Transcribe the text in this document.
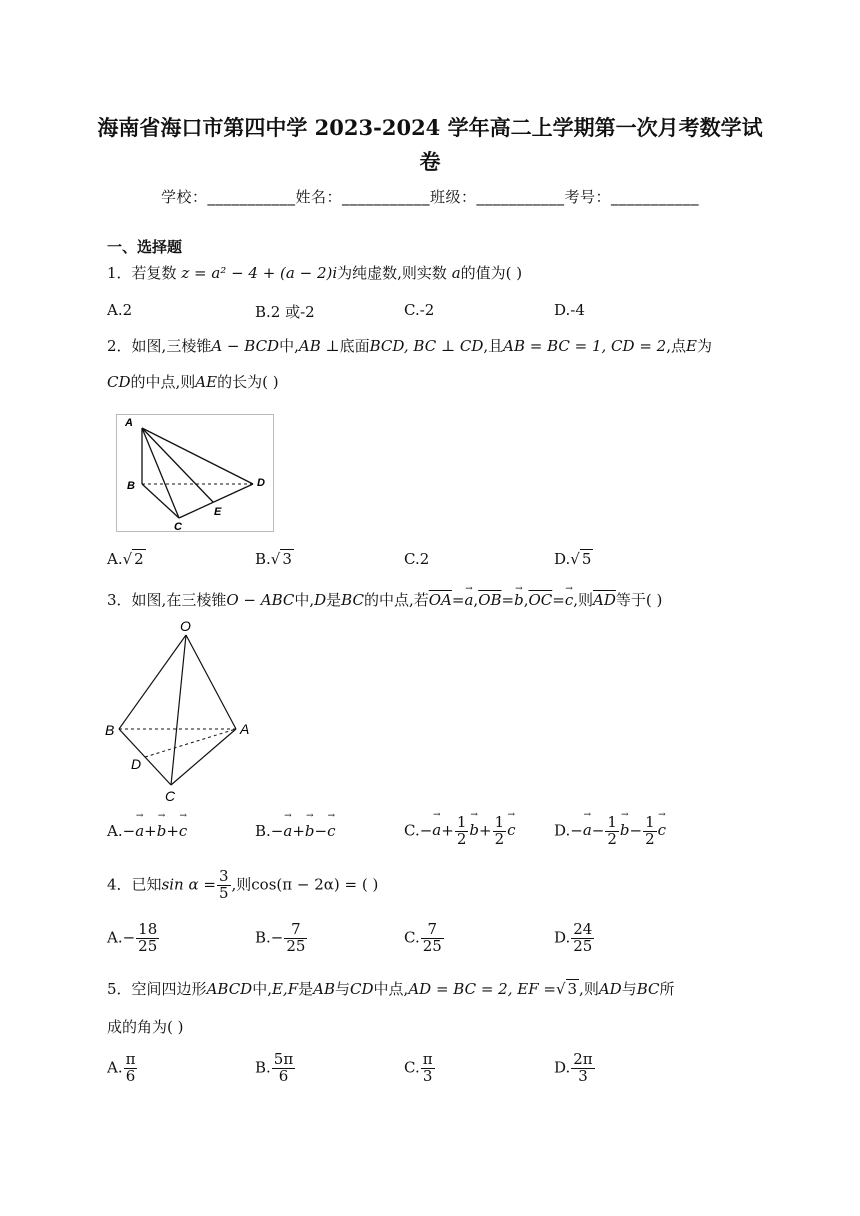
海南省海口市第四中学 2023-2024 学年高二上学期第一次月考数学试
卷
学校：___________姓名：___________班级：___________考号：___________
一、选择题
1．若复数 z = a² − 4 + (a − 2)i为纯虚数,则实数 a的值为( )
A.2	B.2 或-2	C.-2	D.-4
2．如图,三棱锥A − BCD中,AB ⊥底面BCD, BC ⊥ CD,且AB = BC = 1, CD = 2,点E为
CD的中点,则AE的长为( )
A
B
C
D
E
A.√ 2	B.√ 3	C.2	D.√ 5
3．如图,在三棱锥O − ABC中,D是BC的中点,若$\overline{OA}=\to a,\overline{OB}=\to b,\overline{OC}=\to c$,则$\overline{AD}$等于( )
O
B	A
D
C
A.−→ a+→ b+→ c	B.−→ a+→ b−→ c	$C.-\to a+ \frac{1}{2} \to b+ \frac{1}{2} \to c$	$D.-\to a- \frac{1}{2} \to b- \frac{1}{2} \to c$
4．已知$\sin \alpha = \frac{3}{5}$ ,则cos(π − 2α) = ( )
$A.- \frac{18}{25}$	$B.- \frac{7}{25}$	C. $\frac{7}{25}$	D. $\frac{24}{25}$
5．空间四边形ABCD中,E,F是AB与CD中点,AD = BC = 2, EF =√ 3 ,则AD与BC所
成的角为( )
A. $\frac{\pi}{6}$	B. $\frac{5\pi}{6}$	C. $\frac{\pi}{3}$	D. $\frac{2\pi}{3}$
